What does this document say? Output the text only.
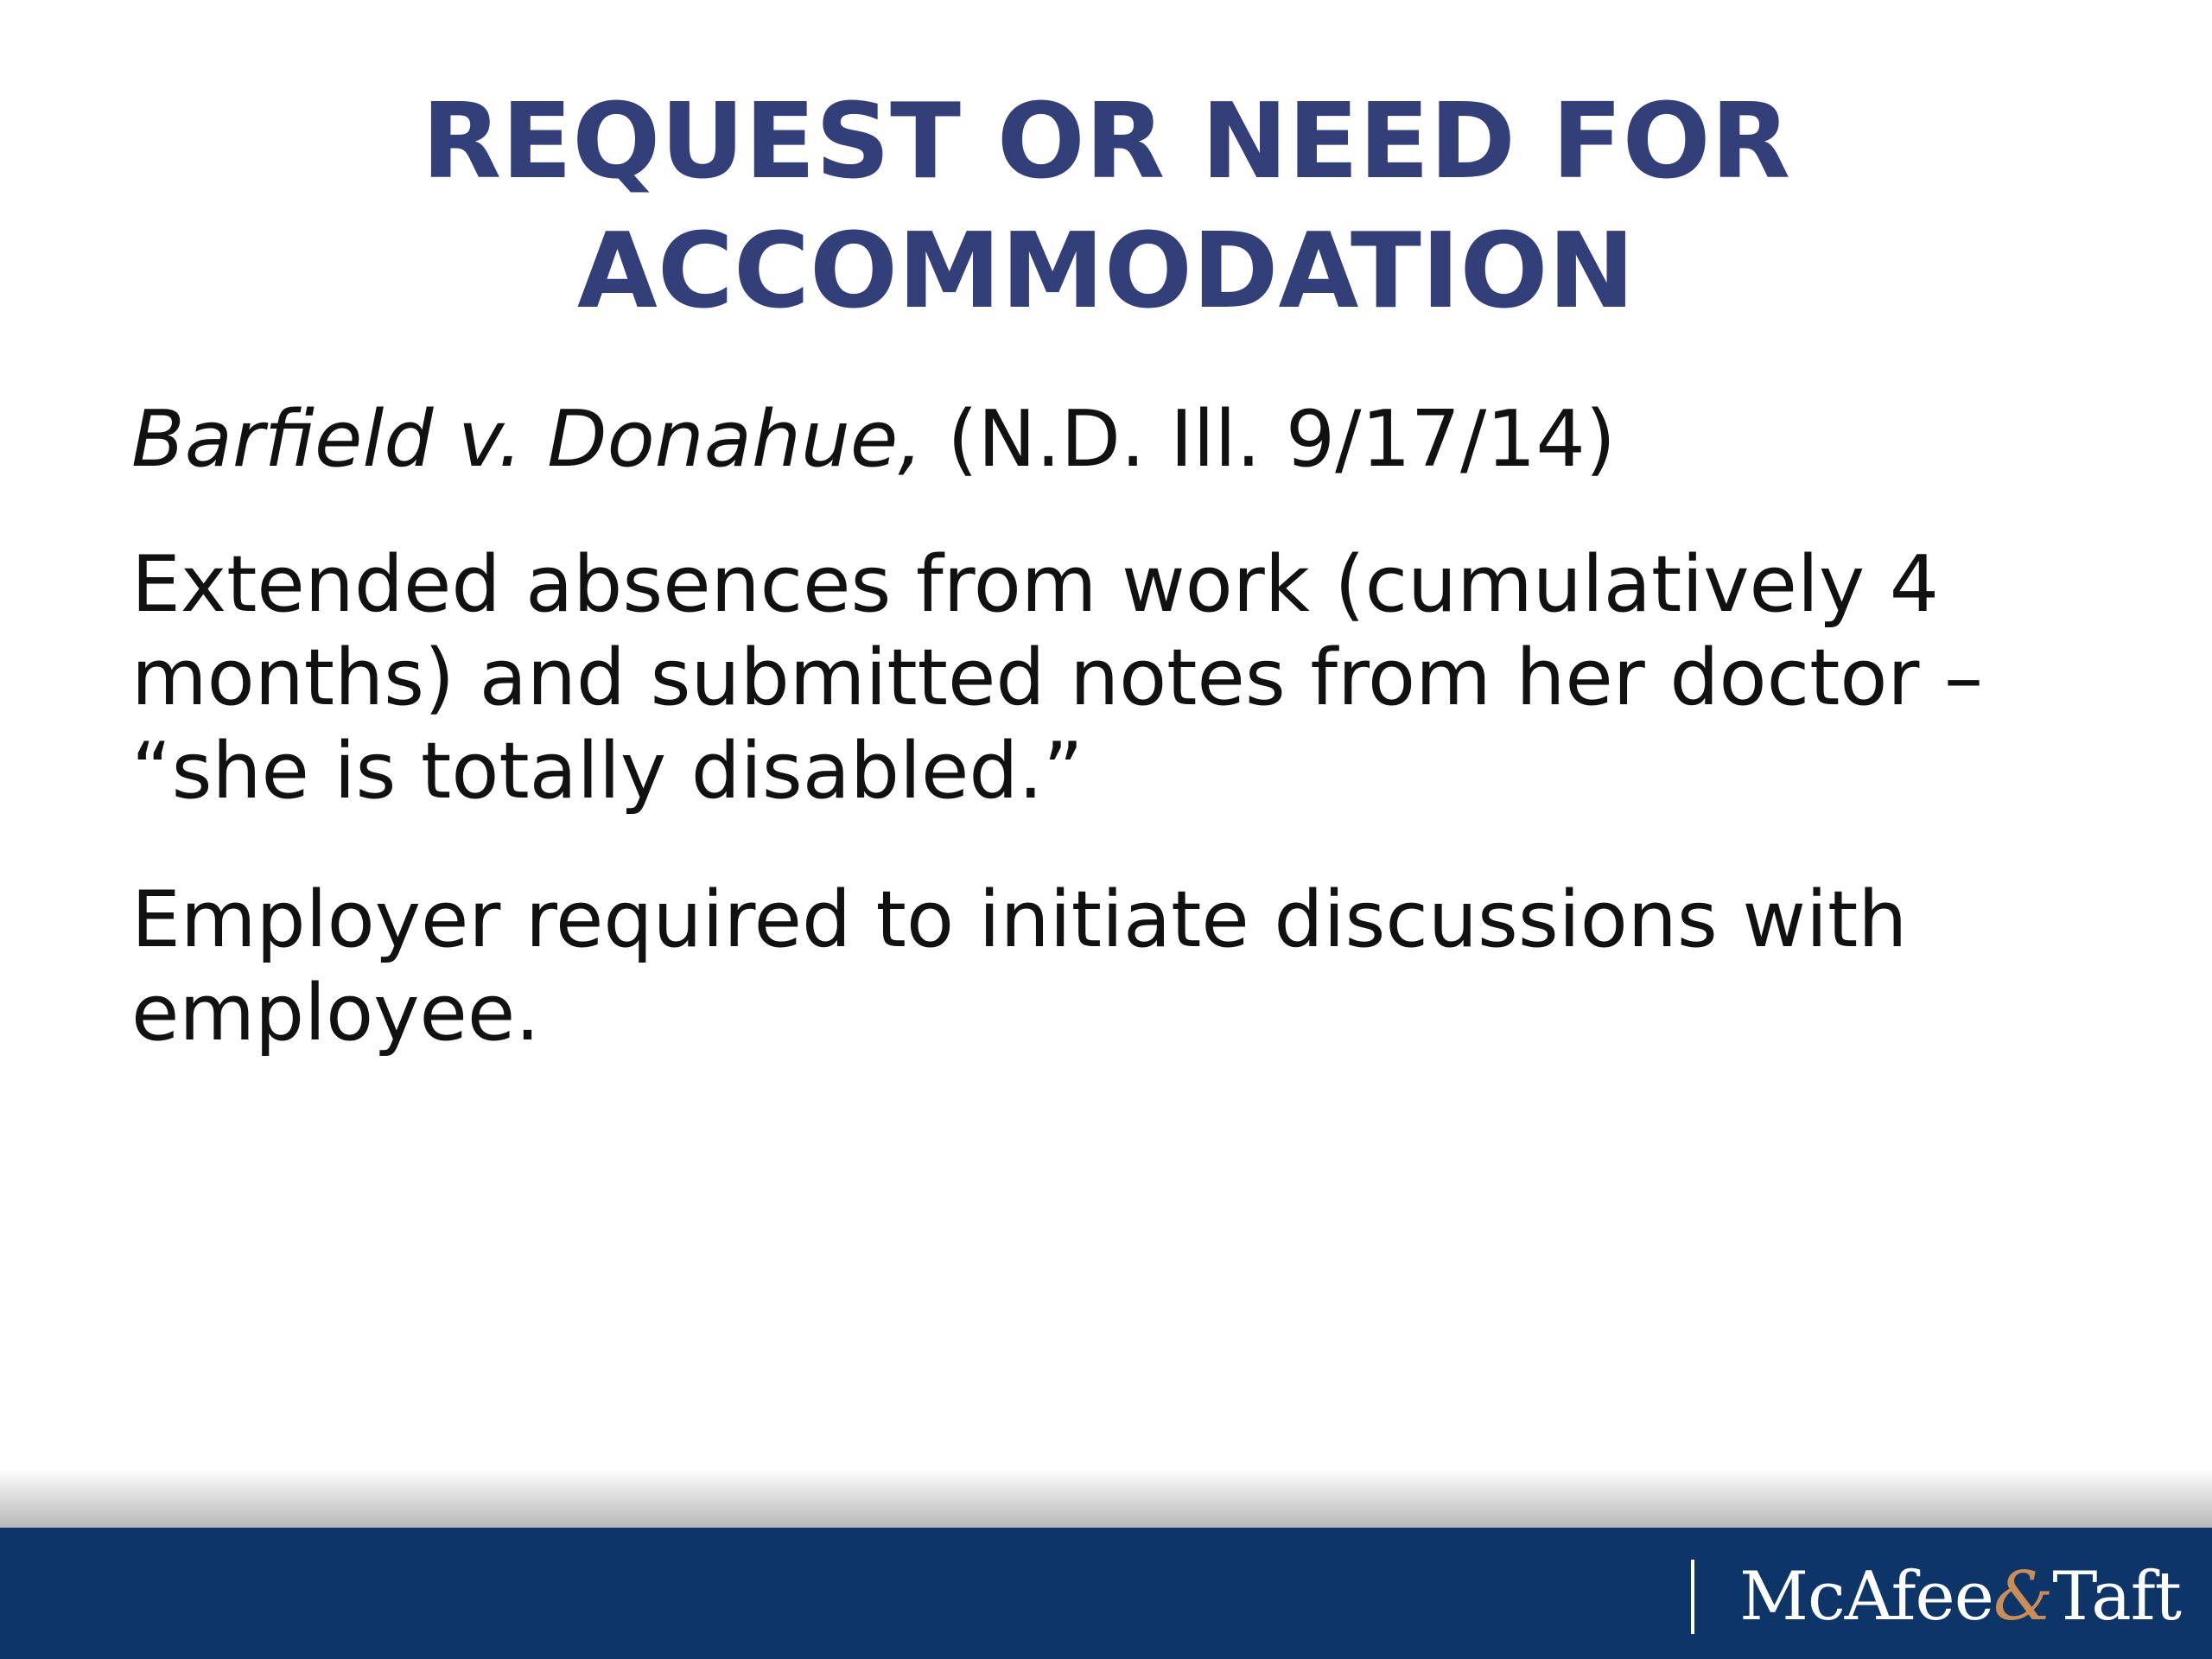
REQUEST OR NEED FOR
ACCOMMODATION

Barfield v. Donahue, (N.D. Ill. 9/17/14)

Extended absences from work (cumulatively 4
months) and submitted notes from her doctor –
“she is totally disabled.”

Employer required to initiate discussions with
employee.

McAfee&Taft
